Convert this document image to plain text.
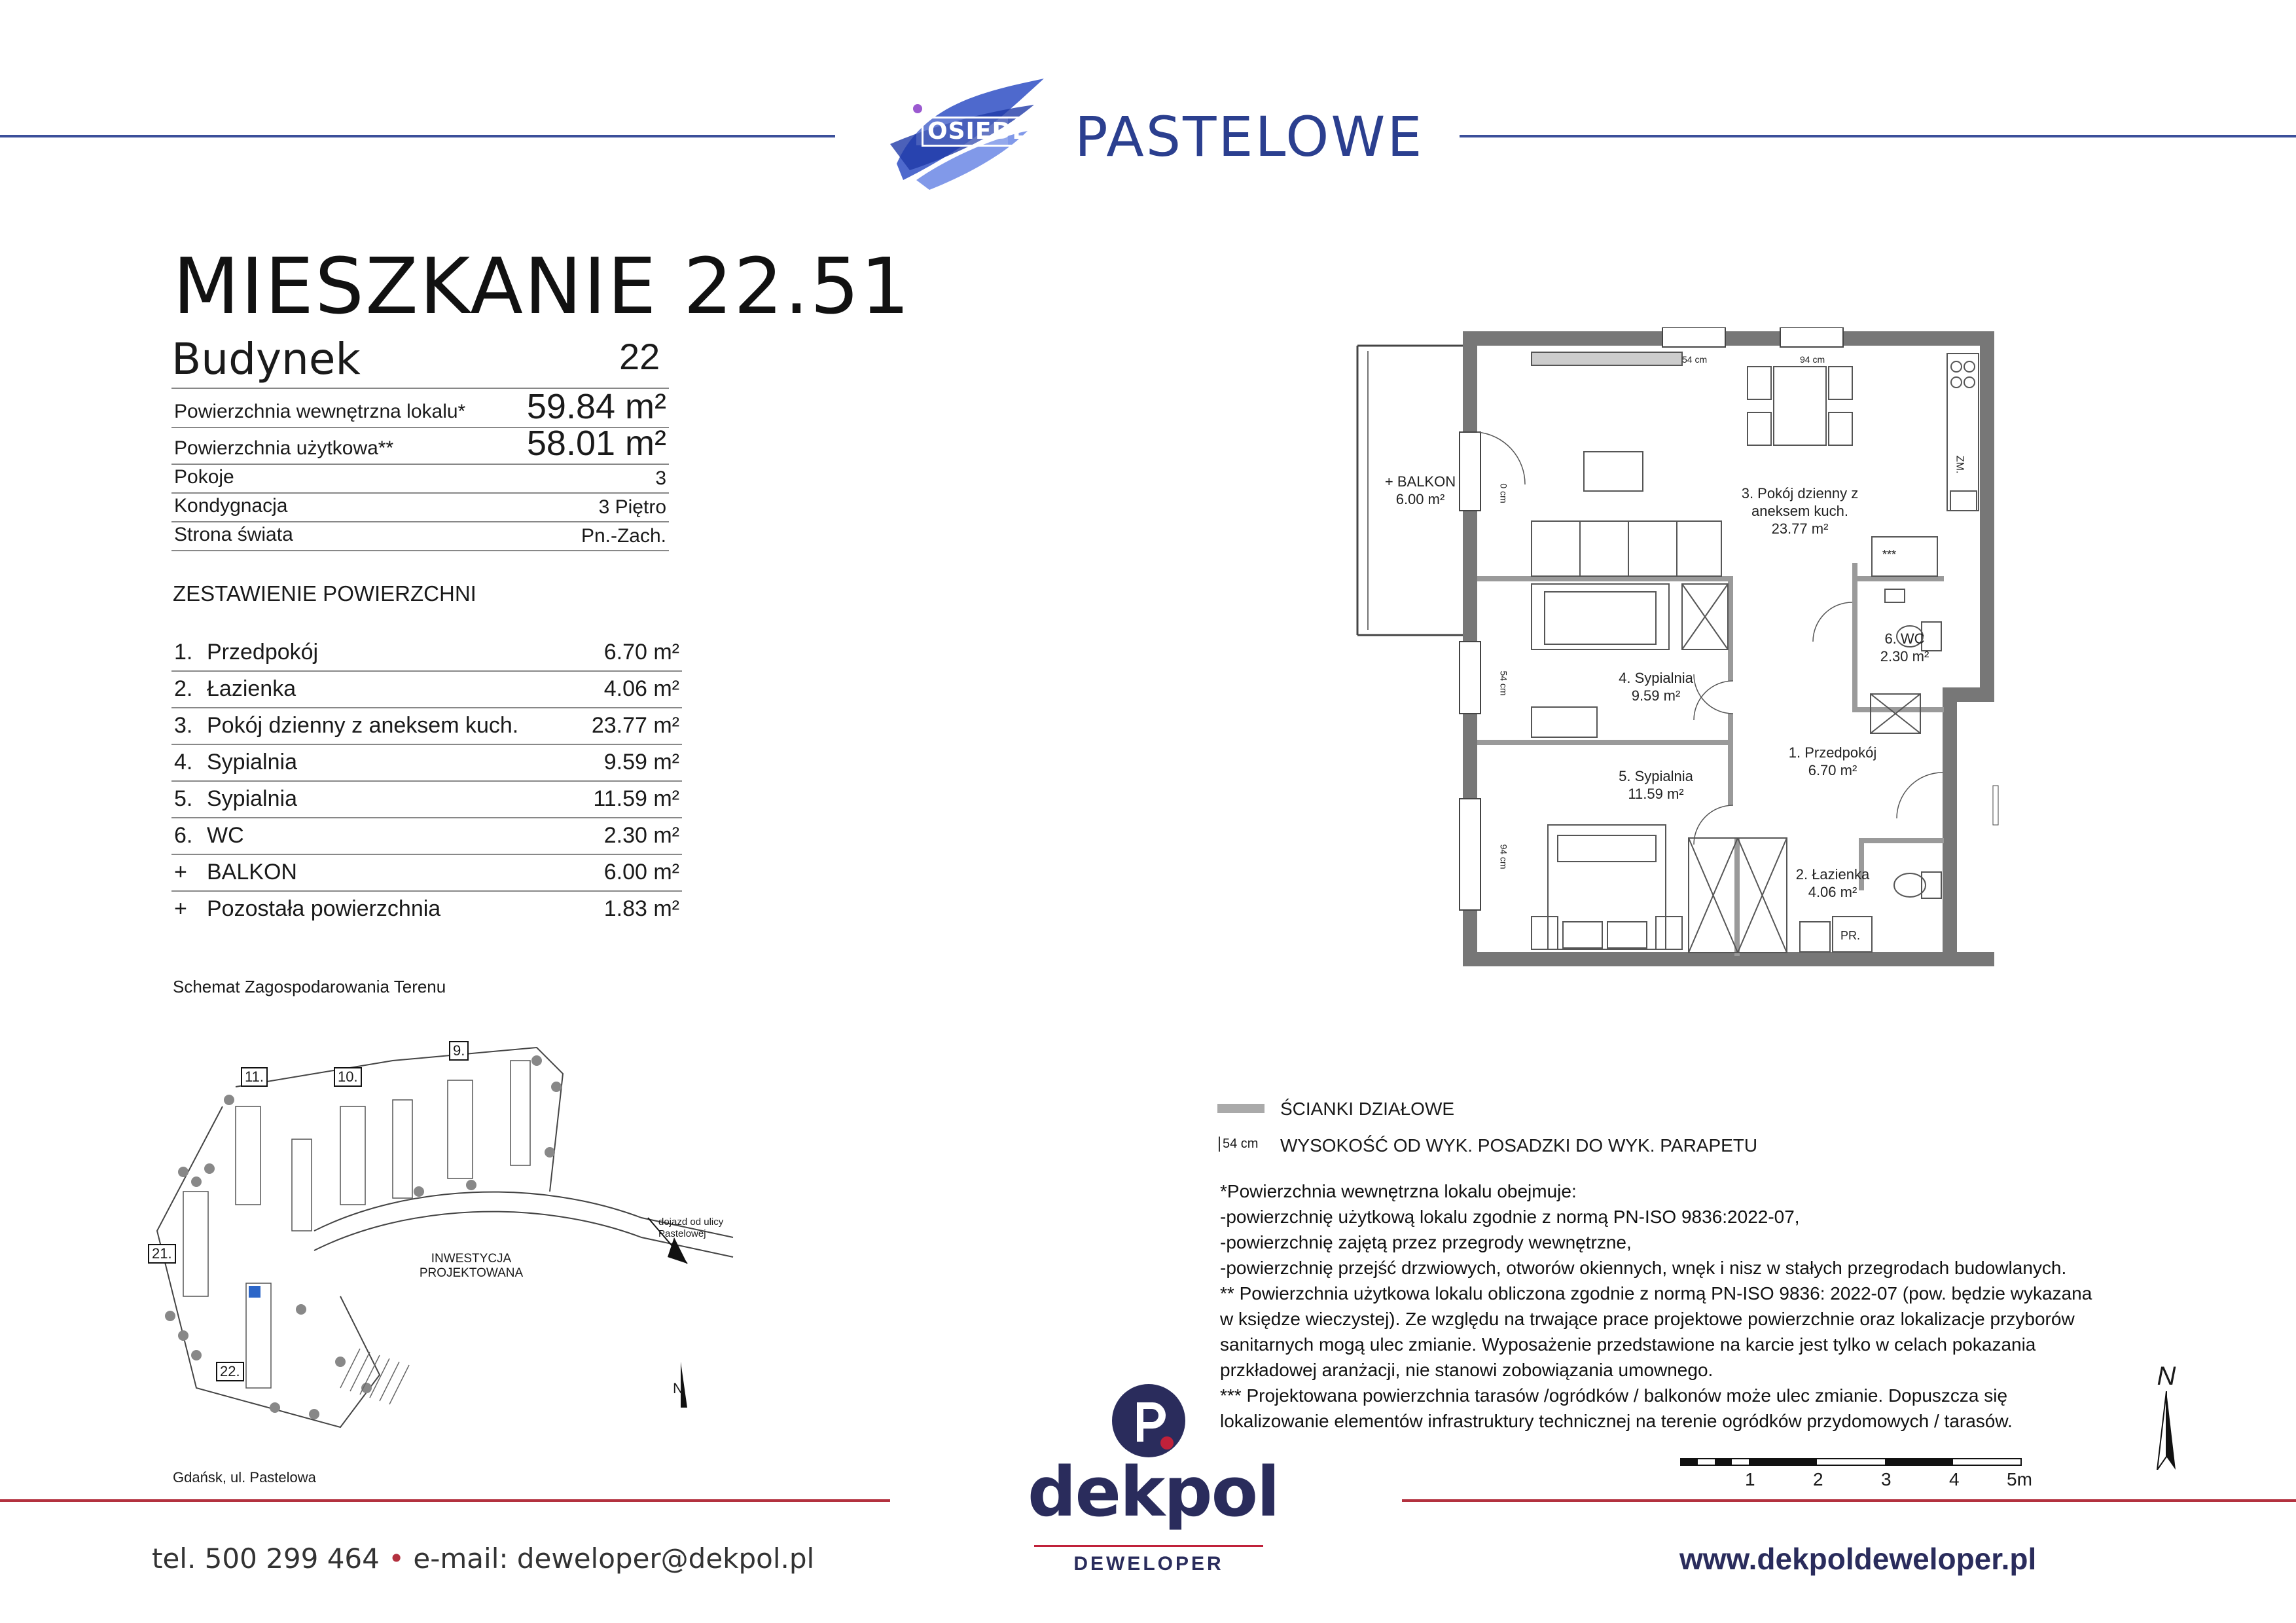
OSIEDLE PASTELOWE
MIESZKANIE 22.51
Budynek	22
Powierzchnia wewnętrzna lokalu* 59.84 m²
Powierzchnia użytkowa**	58.01 m²
Pokoje	3
Kondygnacja	3 Piętro
Strona świata	Pn.-Zach.
ZESTAWIENIE POWIERZCHNI
1. Przedpokój	6.70 m²
2. Łazienka	4.06 m²
3. Pokój dzienny z aneksem kuch.	23.77 m²
4. Sypialnia	9.59 m²
5. Sypialnia	11.59 m²
6. WC	2.30 m²
+ BALKON	6.00 m²
+ Pozostała powierzchnia	1.83 m²
Schemat Zagospodarowania Terenu
11.	10.
9.
21.
22.
INWESTYCJA PROJEKTOWANA
dojazd od ulicy Pastelowej
N
Gdańsk, ul. Pastelowa
54 cm	94 cm
0 cm
54 cm
94 cm
+ BALKON
6.00 m²	3. Pokój dzienny z aneksem kuch.
23.77 m²
6. WC
2.30 m²
4. Sypialnia
9.59 m²
1. Przedpokój
6.70 m²
5. Sypialnia
11.59 m²
2. Łazienka
4.06 m²
ZM.
PR.
***
ŚCIANKI DZIAŁOWE
54 cm WYSOKOŚĆ OD WYK. POSADZKI DO WYK. PARAPETU
*Powierzchnia wewnętrzna lokalu obejmuje:
-powierzchnię użytkową lokalu zgodnie z normą PN-ISO 9836:2022-07,
-powierzchnię zajętą przez przegrody wewnętrzne,
-powierzchnię przejść drzwiowych, otworów okiennych, wnęk i nisz w stałych przegrodach budowlanych.
** Powierzchnia użytkowa lokalu obliczona zgodnie z normą PN-ISO 9836: 2022-07 (pow. będzie wykazana
w księdze wieczystej). Ze względu na trwające prace projektowe powierzchnie oraz lokalizacje przyborów
sanitarnych mogą ulec zmianie. Wyposażenie przedstawione na karcie jest tylko w celach pokazania
przkładowej aranżacji, nie stanowi zobowiązania umownego.
*** Projektowana powierzchnia tarasów /ogródków / balkonów może ulec zmianie. Dopuszcza się
lokalizowanie elementów infrastruktury technicznej na terenie ogródków przydomowych / tarasów.
N
1	2	3	4	5m
tel. 500 299 464 • e-mail: deweloper@dekpol.pl
dekpol
DEWELOPER	www.dekpoldeweloper.pl
